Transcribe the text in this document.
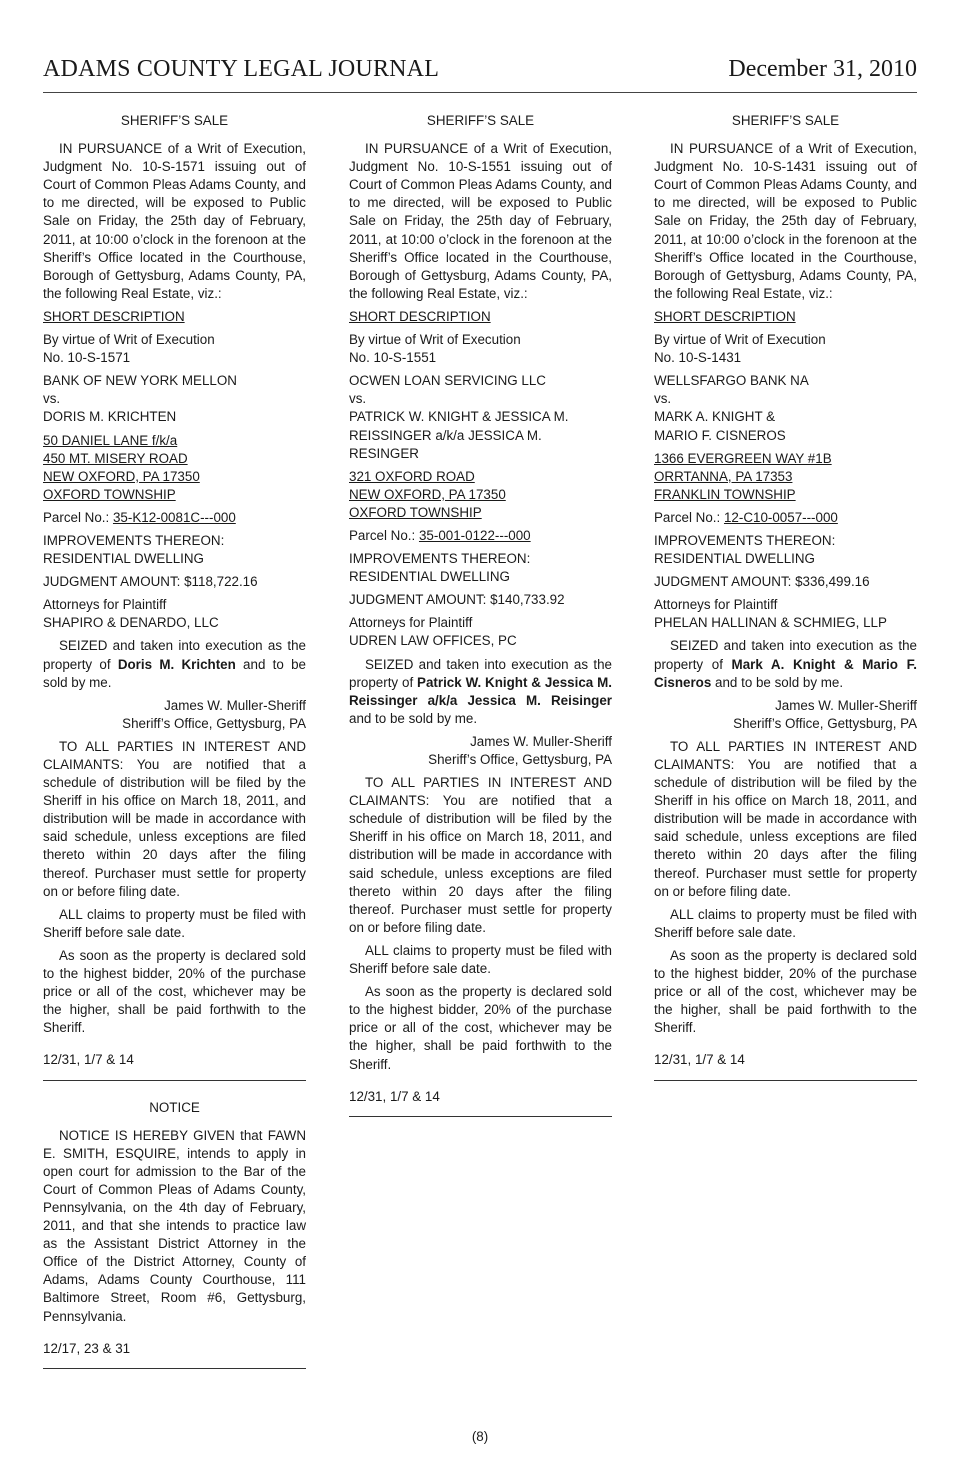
ADAMS COUNTY LEGAL JOURNAL	December 31, 2010

SHERIFF’S SALE

IN PURSUANCE of a Writ of Execution, Judgment No. 10-S-1571 issuing out of Court of Common Pleas Adams County, and to me directed, will be exposed to Public Sale on Friday, the 25th day of February, 2011, at 10:00 o’clock in the forenoon at the Sheriff’s Office located in the Courthouse, Borough of Gettysburg, Adams County, PA, the following Real Estate, viz.:

SHORT DESCRIPTION

By virtue of Writ of Execution
No. 10-S-1571

BANK OF NEW YORK MELLON
vs.
DORIS M. KRICHTEN

50 DANIEL LANE f/k/a
450 MT. MISERY ROAD
NEW OXFORD, PA 17350
OXFORD TOWNSHIP

Parcel No.: 35-K12-0081C---000

IMPROVEMENTS THEREON:
RESIDENTIAL DWELLING

JUDGMENT AMOUNT: $118,722.16

Attorneys for Plaintiff
SHAPIRO & DENARDO, LLC

SEIZED and taken into execution as the property of Doris M. Krichten and to be sold by me.

James W. Muller-Sheriff
Sheriff’s Office, Gettysburg, PA

TO ALL PARTIES IN INTEREST AND CLAIMANTS: You are notified that a schedule of distribution will be filed by the Sheriff in his office on March 18, 2011, and distribution will be made in accordance with said schedule, unless exceptions are filed thereto within 20 days after the filing thereof. Purchaser must settle for property on or before filing date.

ALL claims to property must be filed with Sheriff before sale date.

As soon as the property is declared sold to the highest bidder, 20% of the purchase price or all of the cost, whichever may be the higher, shall be paid forthwith to the Sheriff.

12/31, 1/7 & 14

NOTICE

NOTICE IS HEREBY GIVEN that FAWN E. SMITH, ESQUIRE, intends to apply in open court for admission to the Bar of the Court of Common Pleas of Adams County, Pennsylvania, on the 4th day of February, 2011, and that she intends to practice law as the Assistant District Attorney in the Office of the District Attorney, County of Adams, Adams County Courthouse, 111 Baltimore Street, Room #6, Gettysburg, Pennsylvania.

12/17, 23 & 31

SHERIFF’S SALE

IN PURSUANCE of a Writ of Execution, Judgment No. 10-S-1551 issuing out of Court of Common Pleas Adams County, and to me directed, will be exposed to Public Sale on Friday, the 25th day of February, 2011, at 10:00 o’clock in the forenoon at the Sheriff’s Office located in the Courthouse, Borough of Gettysburg, Adams County, PA, the following Real Estate, viz.:

SHORT DESCRIPTION

By virtue of Writ of Execution
No. 10-S-1551

OCWEN LOAN SERVICING LLC
vs.
PATRICK W. KNIGHT & JESSICA M.
REISSINGER a/k/a JESSICA M.
RESINGER

321 OXFORD ROAD
NEW OXFORD, PA 17350
OXFORD TOWNSHIP

Parcel No.: 35-001-0122---000

IMPROVEMENTS THEREON:
RESIDENTIAL DWELLING

JUDGMENT AMOUNT: $140,733.92

Attorneys for Plaintiff
UDREN LAW OFFICES, PC

SEIZED and taken into execution as the property of Patrick W. Knight & Jessica M. Reissinger a/k/a Jessica M. Reisinger and to be sold by me.

James W. Muller-Sheriff
Sheriff’s Office, Gettysburg, PA

TO ALL PARTIES IN INTEREST AND CLAIMANTS: You are notified that a schedule of distribution will be filed by the Sheriff in his office on March 18, 2011, and distribution will be made in accordance with said schedule, unless exceptions are filed thereto within 20 days after the filing thereof. Purchaser must settle for property on or before filing date.

ALL claims to property must be filed with Sheriff before sale date.

As soon as the property is declared sold to the highest bidder, 20% of the purchase price or all of the cost, whichever may be the higher, shall be paid forthwith to the Sheriff.

12/31, 1/7 & 14

SHERIFF’S SALE

IN PURSUANCE of a Writ of Execution, Judgment No. 10-S-1431 issuing out of Court of Common Pleas Adams County, and to me directed, will be exposed to Public Sale on Friday, the 25th day of February, 2011, at 10:00 o’clock in the forenoon at the Sheriff’s Office located in the Courthouse, Borough of Gettysburg, Adams County, PA, the following Real Estate, viz.:

SHORT DESCRIPTION

By virtue of Writ of Execution
No. 10-S-1431

WELLSFARGO BANK NA
vs.
MARK A. KNIGHT &
MARIO F. CISNEROS

1366 EVERGREEN WAY #1B
ORRTANNA, PA 17353
FRANKLIN TOWNSHIP

Parcel No.: 12-C10-0057---000

IMPROVEMENTS THEREON:
RESIDENTIAL DWELLING

JUDGMENT AMOUNT: $336,499.16

Attorneys for Plaintiff
PHELAN HALLINAN & SCHMIEG, LLP

SEIZED and taken into execution as the property of Mark A. Knight & Mario F. Cisneros and to be sold by me.

James W. Muller-Sheriff
Sheriff’s Office, Gettysburg, PA

TO ALL PARTIES IN INTEREST AND CLAIMANTS: You are notified that a schedule of distribution will be filed by the Sheriff in his office on March 18, 2011, and distribution will be made in accordance with said schedule, unless exceptions are filed thereto within 20 days after the filing thereof. Purchaser must settle for property on or before filing date.

ALL claims to property must be filed with Sheriff before sale date.

As soon as the property is declared sold to the highest bidder, 20% of the purchase price or all of the cost, whichever may be the higher, shall be paid forthwith to the Sheriff.

12/31, 1/7 & 14

(8)
